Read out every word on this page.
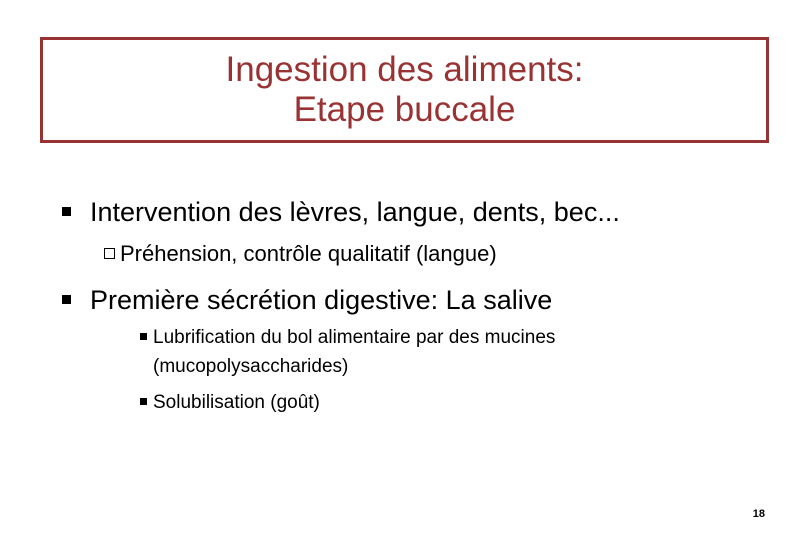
Ingestion des aliments:
Etape buccale
Intervention des lèvres, langue, dents, bec...
Préhension, contrôle qualitatif (langue)
Première sécrétion digestive: La salive
Lubrification du bol alimentaire par des mucines
(mucopolysaccharides)
Solubilisation (goût)
18
